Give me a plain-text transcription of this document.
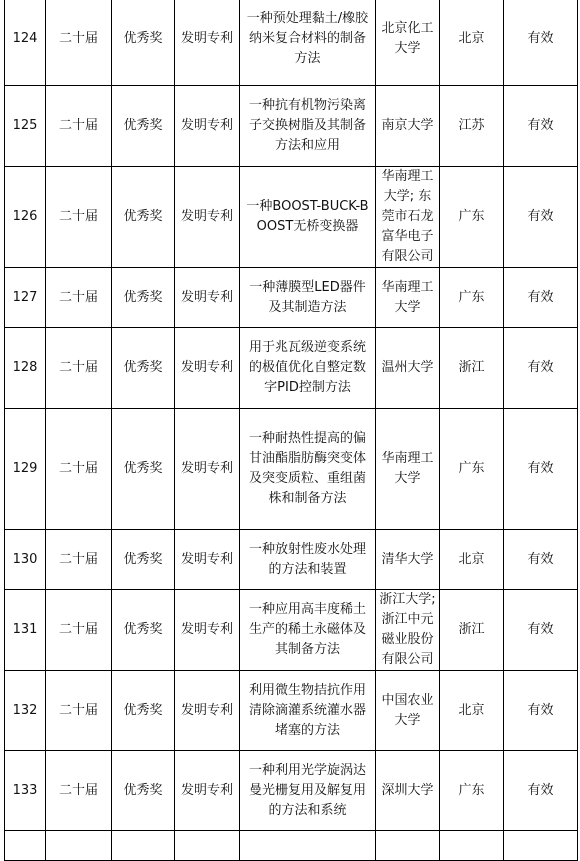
124	二十届	优秀奖	发明专利	一种预处理黏土/橡胶纳米复合材料的制备方法	北京化工大学	北京	有效
125	二十届	优秀奖	发明专利	一种抗有机物污染离子交换树脂及其制备方法和应用	南京大学	江苏	有效
126	二十届	优秀奖	发明专利	一种BOOST-BUCK-BOOST无桥变换器	华南理工大学; 东莞市石龙富华电子有限公司	广东	有效
127	二十届	优秀奖	发明专利	一种薄膜型LED器件及其制造方法	华南理工大学	广东	有效
128	二十届	优秀奖	发明专利	用于兆瓦级逆变系统的极值优化自整定数字PID控制方法	温州大学	浙江	有效
129	二十届	优秀奖	发明专利	一种耐热性提高的偏甘油酯脂肪酶突变体及突变质粒、重组菌株和制备方法	华南理工大学	广东	有效
130	二十届	优秀奖	发明专利	一种放射性废水处理的方法和装置	清华大学	北京	有效
131	二十届	优秀奖	发明专利	一种应用高丰度稀土生产的稀土永磁体及其制备方法	浙江大学; 浙江中元磁业股份有限公司	浙江	有效
132	二十届	优秀奖	发明专利	利用微生物拮抗作用清除滴灌系统灌水器堵塞的方法	中国农业大学	北京	有效
133	二十届	优秀奖	发明专利	一种利用光学旋涡达曼光栅复用及解复用的方法和系统	深圳大学	广东	有效
